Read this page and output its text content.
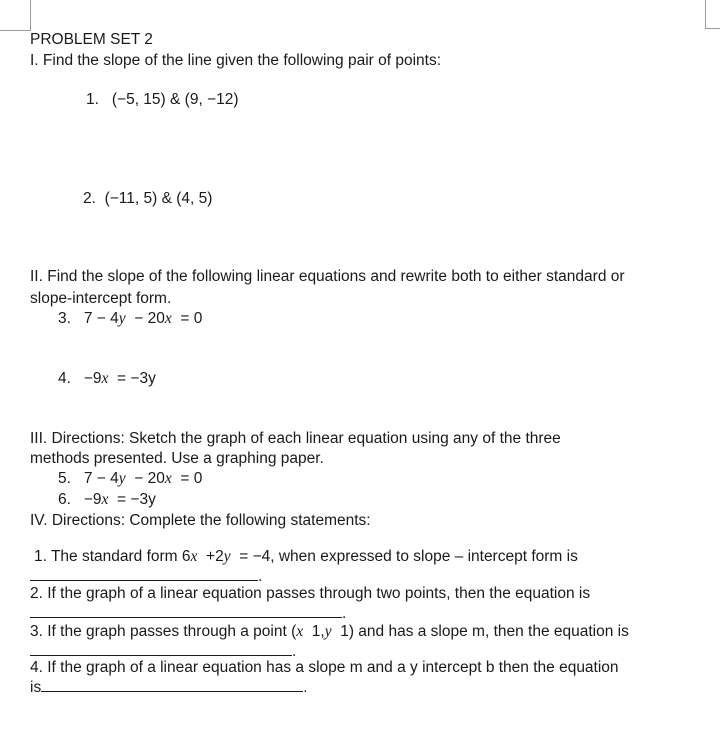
PROBLEM SET 2
I. Find the slope of the line given the following pair of points:
1. (−5, 15) & (9, −12)
2. (−11, 5) & (4, 5)
II. Find the slope of the following linear equations and rewrite both to either standard or
slope-intercept form.
3. 7 − 4y  − 20x  = 0
4. −9x  = −3y
III. Directions: Sketch the graph of each linear equation using any of the three
methods presented. Use a graphing paper.
5. 7 − 4y  − 20x  = 0
6. −9x  = −3y
IV. Directions: Complete the following statements:
1. The standard form 6x  +2y  = −4, when expressed to slope – intercept form is
.
2. If the graph of a linear equation passes through two points, then the equation is
.
3. If the graph passes through a point (x  1,y  1) and has a slope m, then the equation is
.
4. If the graph of a linear equation has a slope m and a y intercept b then the equation
is	.
